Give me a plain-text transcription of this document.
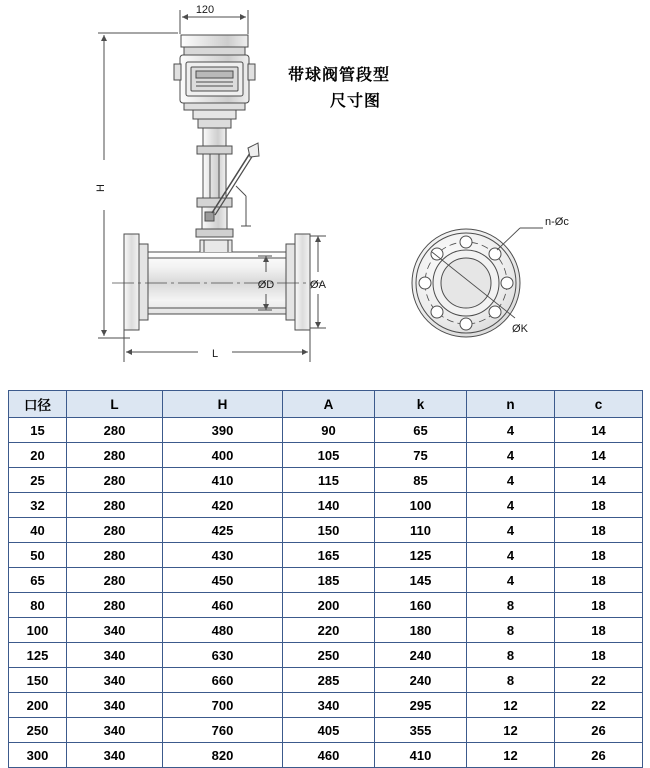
120
H
L
ØD	ØA
ØK
n-Øc
带球阀管段型
尺寸图
口径	L	H	A	k	n	c
15	280	390	90	65	4	14
20	280	400	105	75	4	14
25	280	410	115	85	4	14
32	280	420	140	100	4	18
40	280	425	150	110	4	18
50	280	430	165	125	4	18
65	280	450	185	145	4	18
80	280	460	200	160	8	18
100	340	480	220	180	8	18
125	340	630	250	240	8	18
150	340	660	285	240	8	22
200	340	700	340	295	12	22
250	340	760	405	355	12	26
300	340	820	460	410	12	26
